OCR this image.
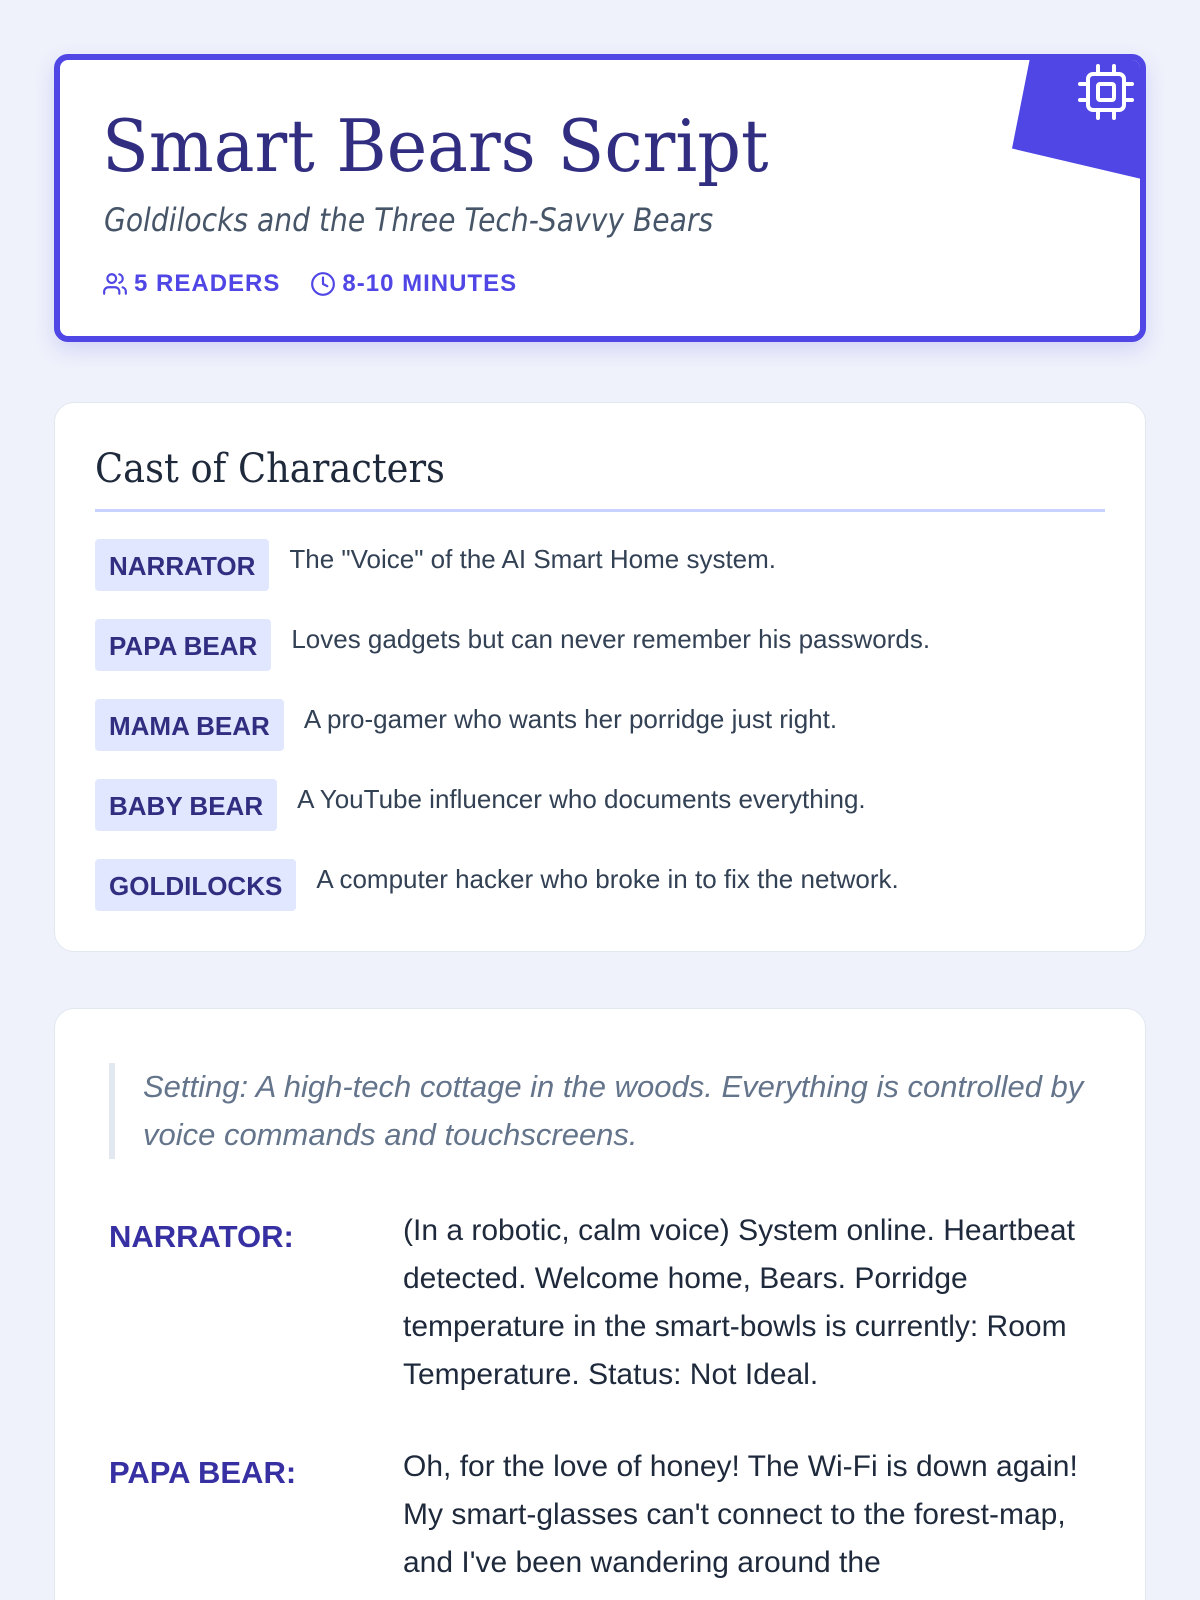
Smart Bears Script
Goldilocks and the Three Tech-Savvy Bears
5 READERS	8-10 MINUTES
Cast of Characters
NARRATOR	The "Voice" of the AI Smart Home system.
PAPA BEAR	Loves gadgets but can never remember his passwords.
MAMA BEAR	A pro-gamer who wants her porridge just right.
BABY BEAR	A YouTube influencer who documents everything.
GOLDILOCKS	A computer hacker who broke in to fix the network.
Setting: A high-tech cottage in the woods. Everything is controlled by voice commands and touchscreens.
NARRATOR:	(In a robotic, calm voice) System online. Heartbeat detected. Welcome home, Bears. Porridge temperature in the smart-bowls is currently: Room Temperature. Status: Not Ideal.
PAPA BEAR:	Oh, for the love of honey! The Wi-Fi is down again! My smart-glasses can't connect to the forest-map, and I've been wandering around the
